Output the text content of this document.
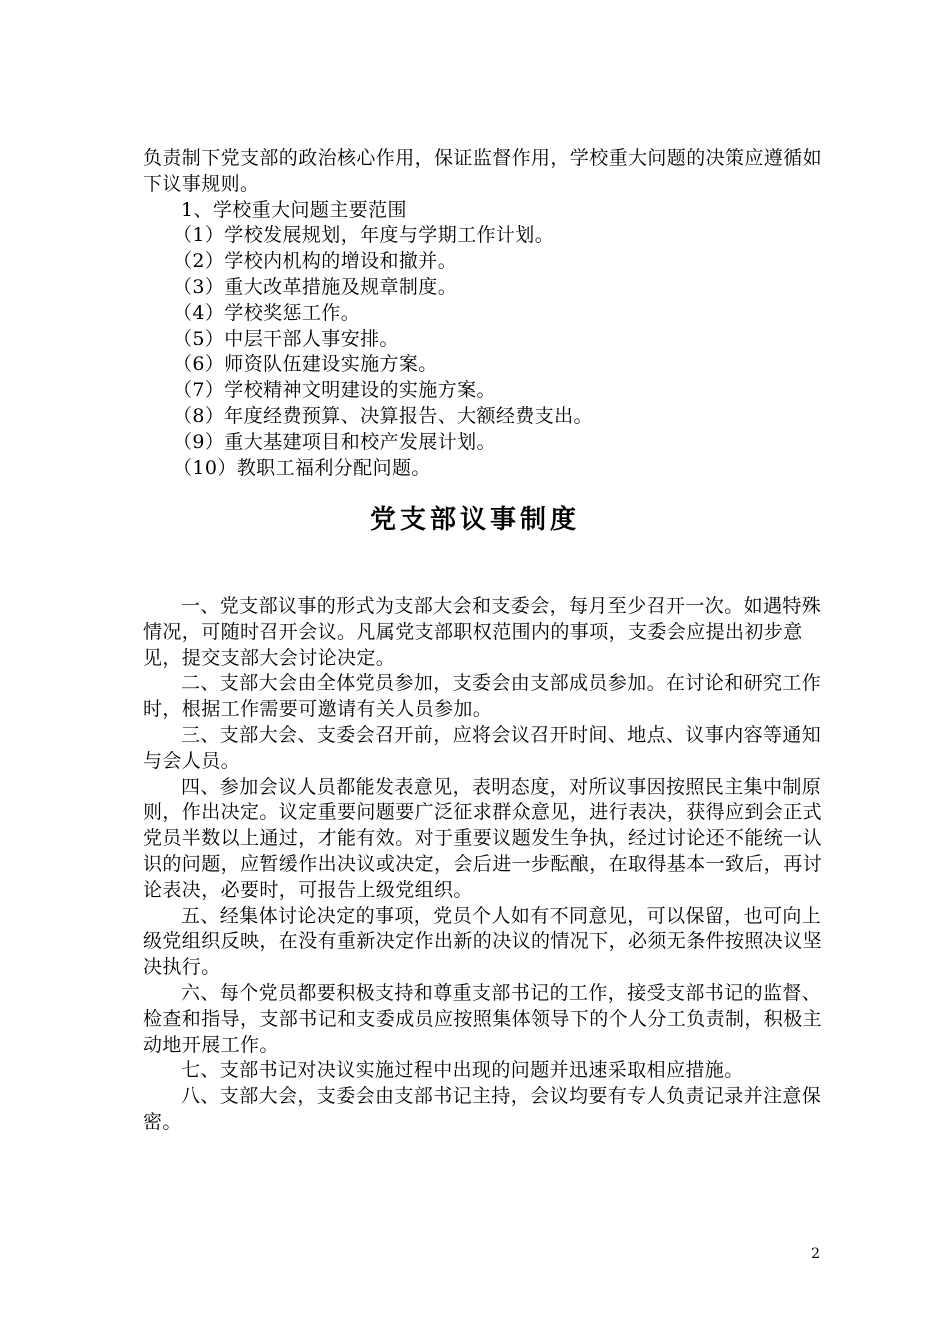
负责制下党支部的政治核心作用，保证监督作用，学校重大问题的决策应遵循如下议事规则。

1、学校重大问题主要范围

（1）学校发展规划，年度与学期工作计划。

（2）学校内机构的增设和撤并。

（3）重大改革措施及规章制度。

（4）学校奖惩工作。

（5）中层干部人事安排。

（6）师资队伍建设实施方案。

（7）学校精神文明建设的实施方案。

（8）年度经费预算、决算报告、大额经费支出。

（9）重大基建项目和校产发展计划。

（10）教职工福利分配问题。

党支部议事制度

一、党支部议事的形式为支部大会和支委会，每月至少召开一次。如遇特殊情况，可随时召开会议。凡属党支部职权范围内的事项，支委会应提出初步意见，提交支部大会讨论决定。

二、支部大会由全体党员参加，支委会由支部成员参加。在讨论和研究工作时，根据工作需要可邀请有关人员参加。

三、支部大会、支委会召开前，应将会议召开时间、地点、议事内容等通知与会人员。

四、参加会议人员都能发表意见，表明态度，对所议事因按照民主集中制原则，作出决定。议定重要问题要广泛征求群众意见，进行表决，获得应到会正式党员半数以上通过，才能有效。对于重要议题发生争执，经过讨论还不能统一认识的问题，应暂缓作出决议或决定，会后进一步酝酿，在取得基本一致后，再讨论表决，必要时，可报告上级党组织。

五、经集体讨论决定的事项，党员个人如有不同意见，可以保留，也可向上级党组织反映，在没有重新决定作出新的决议的情况下，必须无条件按照决议坚决执行。

六、每个党员都要积极支持和尊重支部书记的工作，接受支部书记的监督、检查和指导，支部书记和支委成员应按照集体领导下的个人分工负责制，积极主动地开展工作。

七、支部书记对决议实施过程中出现的问题并迅速采取相应措施。

八、支部大会，支委会由支部书记主持，会议均要有专人负责记录并注意保密。

2
